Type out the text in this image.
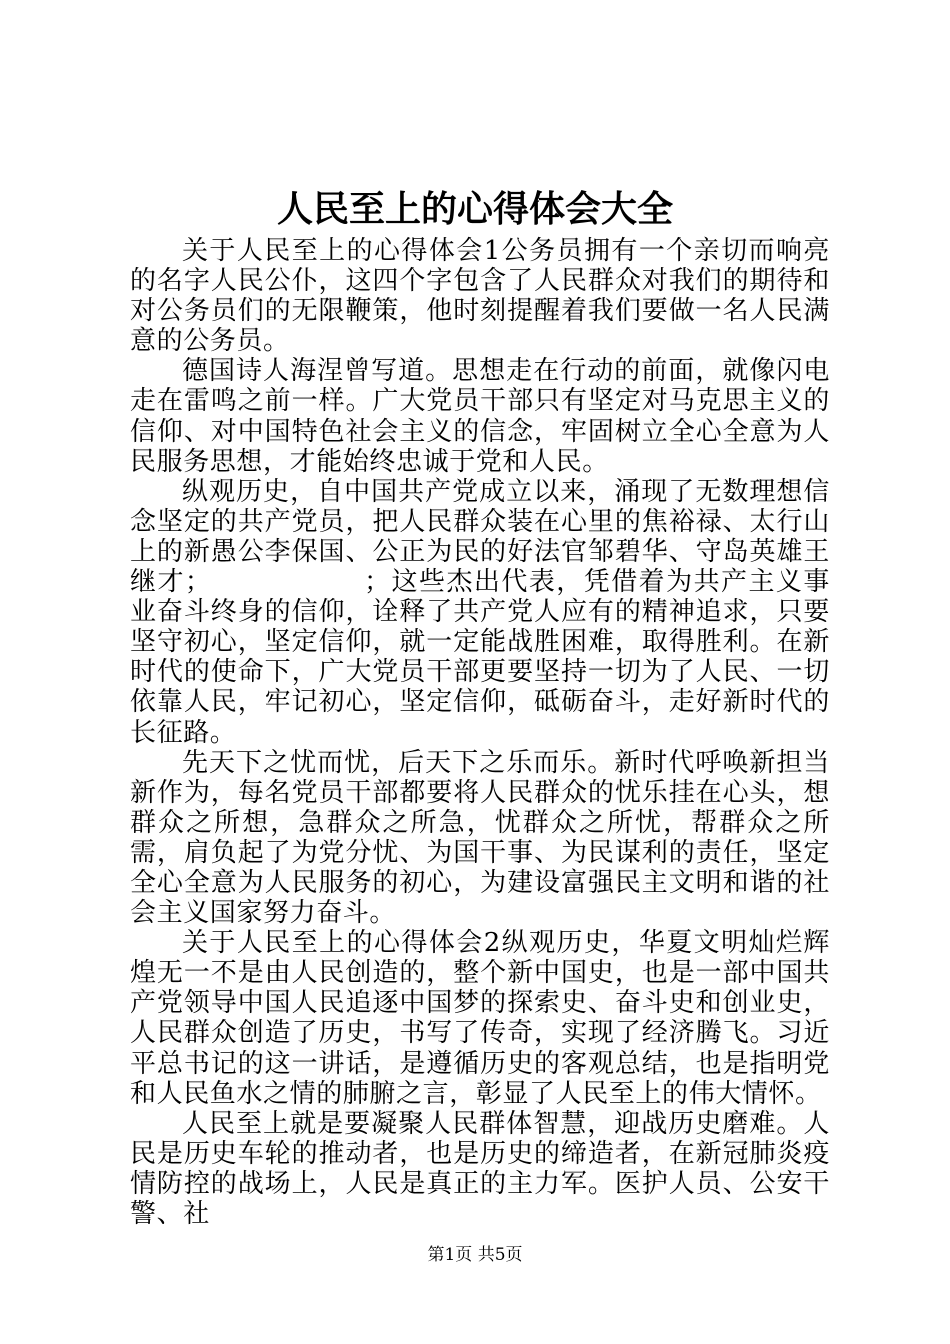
人民至上的心得体会大全

关于人民至上的心得体会1公务员拥有一个亲切而响亮的名字人民公仆，这四个字包含了人民群众对我们的期待和对公务员们的无限鞭策，他时刻提醒着我们要做一名人民满意的公务员。

德国诗人海涅曾写道。思想走在行动的前面，就像闪电走在雷鸣之前一样。广大党员干部只有坚定对马克思主义的信仰、对中国特色社会主义的信念，牢固树立全心全意为人民服务思想，才能始终忠诚于党和人民。

纵观历史，自中国共产党成立以来，涌现了无数理想信念坚定的共产党员，把人民群众装在心里的焦裕禄、太行山上的新愚公李保国、公正为民的好法官邹碧华、守岛英雄王继才；　　　　　　；这些杰出代表，凭借着为共产主义事业奋斗终身的信仰，诠释了共产党人应有的精神追求，只要坚守初心，坚定信仰，就一定能战胜困难，取得胜利。在新时代的使命下，广大党员干部更要坚持一切为了人民、一切依靠人民，牢记初心，坚定信仰，砥砺奋斗，走好新时代的长征路。

先天下之忧而忧，后天下之乐而乐。新时代呼唤新担当新作为，每名党员干部都要将人民群众的忧乐挂在心头，想群众之所想，急群众之所急，忧群众之所忧，帮群众之所需，肩负起了为党分忧、为国干事、为民谋利的责任，坚定全心全意为人民服务的初心，为建设富强民主文明和谐的社会主义国家努力奋斗。

关于人民至上的心得体会2纵观历史，华夏文明灿烂辉煌无一不是由人民创造的，整个新中国史，也是一部中国共产党领导中国人民追逐中国梦的探索史、奋斗史和创业史，人民群众创造了历史，书写了传奇，实现了经济腾飞。习近平总书记的这一讲话，是遵循历史的客观总结，也是指明党和人民鱼水之情的肺腑之言，彰显了人民至上的伟大情怀。

人民至上就是要凝聚人民群体智慧，迎战历史磨难。人民是历史车轮的推动者，也是历史的缔造者，在新冠肺炎疫情防控的战场上，人民是真正的主力军。医护人员、公安干警、社

第1页 共5页
